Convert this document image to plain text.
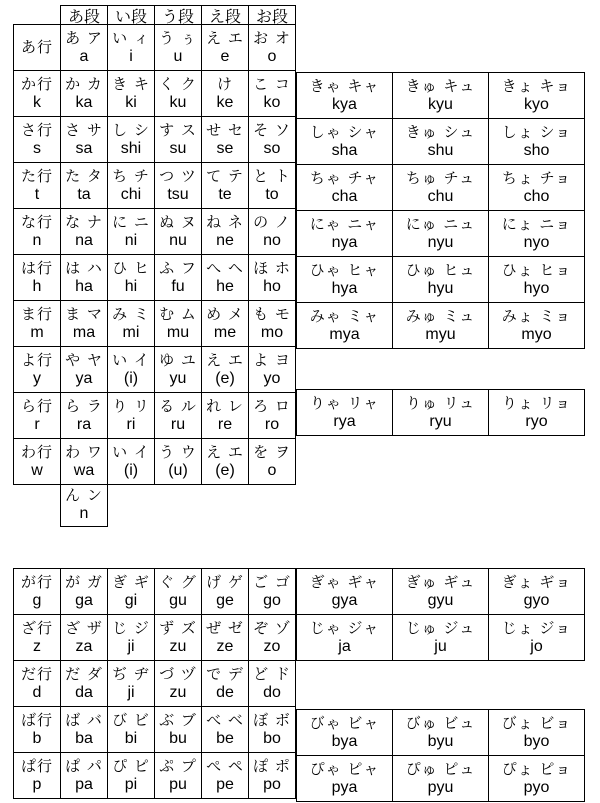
あ段 い段 う段 え段 お段
あ行
あ ア
a
い ィ
i
う ぅ
u
え エ
e
お オ
o
か行
k
か カ
ka
き キ
ki
く ク
ku
け
ke
こ コ
ko
さ行
s
さ サ
sa
し シ
shi
す ス
su
せ セ
se
そ ソ
so
た行
t
た タ
ta
ち チ
chi
つ ツ
tsu
て テ
te
と ト
to
な行
n
な ナ
na
に ニ
ni
ぬ ヌ
nu
ね ネ
ne
の ノ
no
は行
h
は ハ
ha
ひ ヒ
hi
ふ フ
fu
へ ヘ
he
ほ ホ
ho
ま行
m
ま マ
ma
み ミ
mi
む ム
mu
め メ
me
も モ
mo
よ行
y
や ヤ
ya
い イ
(i)
ゆ ユ
yu
え エ
(e)
よ ヨ
yo
ら行
r
ら ラ
ra
り リ
ri
る ル
ru
れ レ
re
ろ ロ
ro
わ行
w
わ ワ
wa
い イ
(i)
う ウ
(u)
え エ
(e)
を ヲ
o
ん ン
n
きゃ キャ
kya
きゅ キュ
kyu
きょ キョ
kyo
しゃ シャ
sha
きゅ シュ
shu
しょ ショ
sho
ちゃ チャ
cha
ちゅ チュ
chu
ちょ チョ
cho
にゃ ニャ
nya
にゅ ニュ
nyu
にょ ニョ
nyo
ひゃ ヒャ
hya
ひゅ ヒュ
hyu
ひょ ヒョ
hyo
みゃ ミャ
mya
みゅ ミュ
myu
みょ ミョ
myo
りゃ リャ
rya
りゅ リュ
ryu
りょ リョ
ryo
が行
g
が ガ
ga
ぎ ギ
gi
ぐ グ
gu
げ ゲ
ge
ご ゴ
go
ざ行
z
ざ ザ
za
じ ジ
ji
ず ズ
zu
ぜ ゼ
ze
ぞ ゾ
zo
だ行
d
だ ダ
da
ぢ ヂ
ji
づ ヅ
zu
で デ
de
ど ド
do
ば行
b
ば バ
ba
び ビ
bi
ぶ ブ
bu
べ ベ
be
ぼ ボ
bo
ぱ行
p
ぱ パ
pa
ぴ ピ
pi
ぷ プ
pu
ぺ ペ
pe
ぽ ポ
po
ぎゃ ギャ
gya
ぎゅ ギュ
gyu
ぎょ ギョ
gyo
じゃ ジャ
ja
じゅ ジュ
ju
じょ ジョ
jo
びゃ ビャ
bya
びゅ ビュ
byu
びょ ビョ
byo
ぴゃ ピャ
pya
ぴゅ ピュ
pyu
ぴょ ピョ
pyo
